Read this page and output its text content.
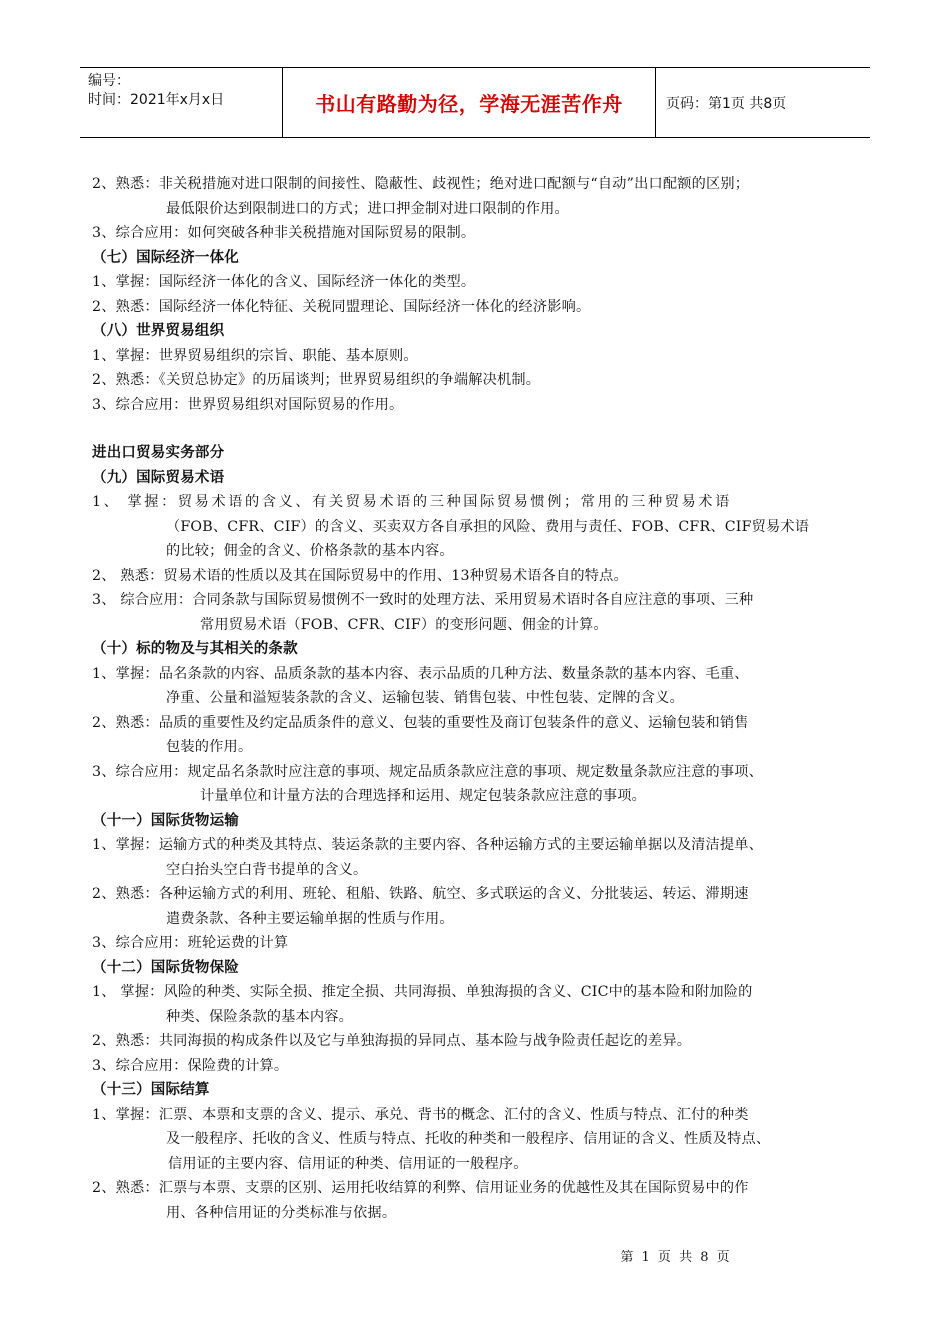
编号：
时间：2021年x月x日	书山有路勤为径，学海无涯苦作舟	页码：第1页 共8页
2、熟悉：非关税措施对进口限制的间接性、隐蔽性、歧视性；绝对进口配额与“自动”出口配额的区别；
最低限价达到限制进口的方式；进口押金制对进口限制的作用。
3、综合应用：如何突破各种非关税措施对国际贸易的限制。
（七）国际经济一体化
1、掌握：国际经济一体化的含义、国际经济一体化的类型。
2、熟悉：国际经济一体化特征、关税同盟理论、国际经济一体化的经济影响。
（八）世界贸易组织
1、掌握：世界贸易组织的宗旨、职能、基本原则。
2、熟悉：《关贸总协定》的历届谈判；世界贸易组织的争端解决机制。
3、综合应用：世界贸易组织对国际贸易的作用。
进出口贸易实务部分
（九）国际贸易术语
1、 掌握：贸易术语的含义、有关贸易术语的三种国际贸易惯例；常用的三种贸易术语
（FOB、CFR、CIF）的含义、买卖双方各自承担的风险、费用与责任、FOB、CFR、CIF贸易术语
的比较；佣金的含义、价格条款的基本内容。
2、 熟悉：贸易术语的性质以及其在国际贸易中的作用、13种贸易术语各自的特点。
3、 综合应用：合同条款与国际贸易惯例不一致时的处理方法、采用贸易术语时各自应注意的事项、三种
常用贸易术语（FOB、CFR、CIF）的变形问题、佣金的计算。
（十）标的物及与其相关的条款
1、掌握：品名条款的内容、品质条款的基本内容、表示品质的几种方法、数量条款的基本内容、毛重、
净重、公量和溢短装条款的含义、运输包装、销售包装、中性包装、定牌的含义。
2、熟悉：品质的重要性及约定品质条件的意义、包装的重要性及商订包装条件的意义、运输包装和销售
包装的作用。
3、综合应用：规定品名条款时应注意的事项、规定品质条款应注意的事项、规定数量条款应注意的事项、
计量单位和计量方法的合理选择和运用、规定包装条款应注意的事项。
（十一）国际货物运输
1、掌握：运输方式的种类及其特点、装运条款的主要内容、各种运输方式的主要运输单据以及清洁提单、
空白抬头空白背书提单的含义。
2、熟悉：各种运输方式的利用、班轮、租船、铁路、航空、多式联运的含义、分批装运、转运、滞期速
遣费条款、各种主要运输单据的性质与作用。
3、综合应用：班轮运费的计算
（十二）国际货物保险
1、 掌握：风险的种类、实际全损、推定全损、共同海损、单独海损的含义、CIC中的基本险和附加险的
种类、保险条款的基本内容。
2、熟悉：共同海损的构成条件以及它与单独海损的异同点、基本险与战争险责任起讫的差异。
3、综合应用：保险费的计算。
（十三）国际结算
1、掌握：汇票、本票和支票的含义、提示、承兑、背书的概念、汇付的含义、性质与特点、汇付的种类
及一般程序、托收的含义、性质与特点、托收的种类和一般程序、信用证的含义、性质及特点、
信用证的主要内容、信用证的种类、信用证的一般程序。
2、熟悉：汇票与本票、支票的区别、运用托收结算的利弊、信用证业务的优越性及其在国际贸易中的作
用、各种信用证的分类标准与依据。
第 1 页 共 8 页
